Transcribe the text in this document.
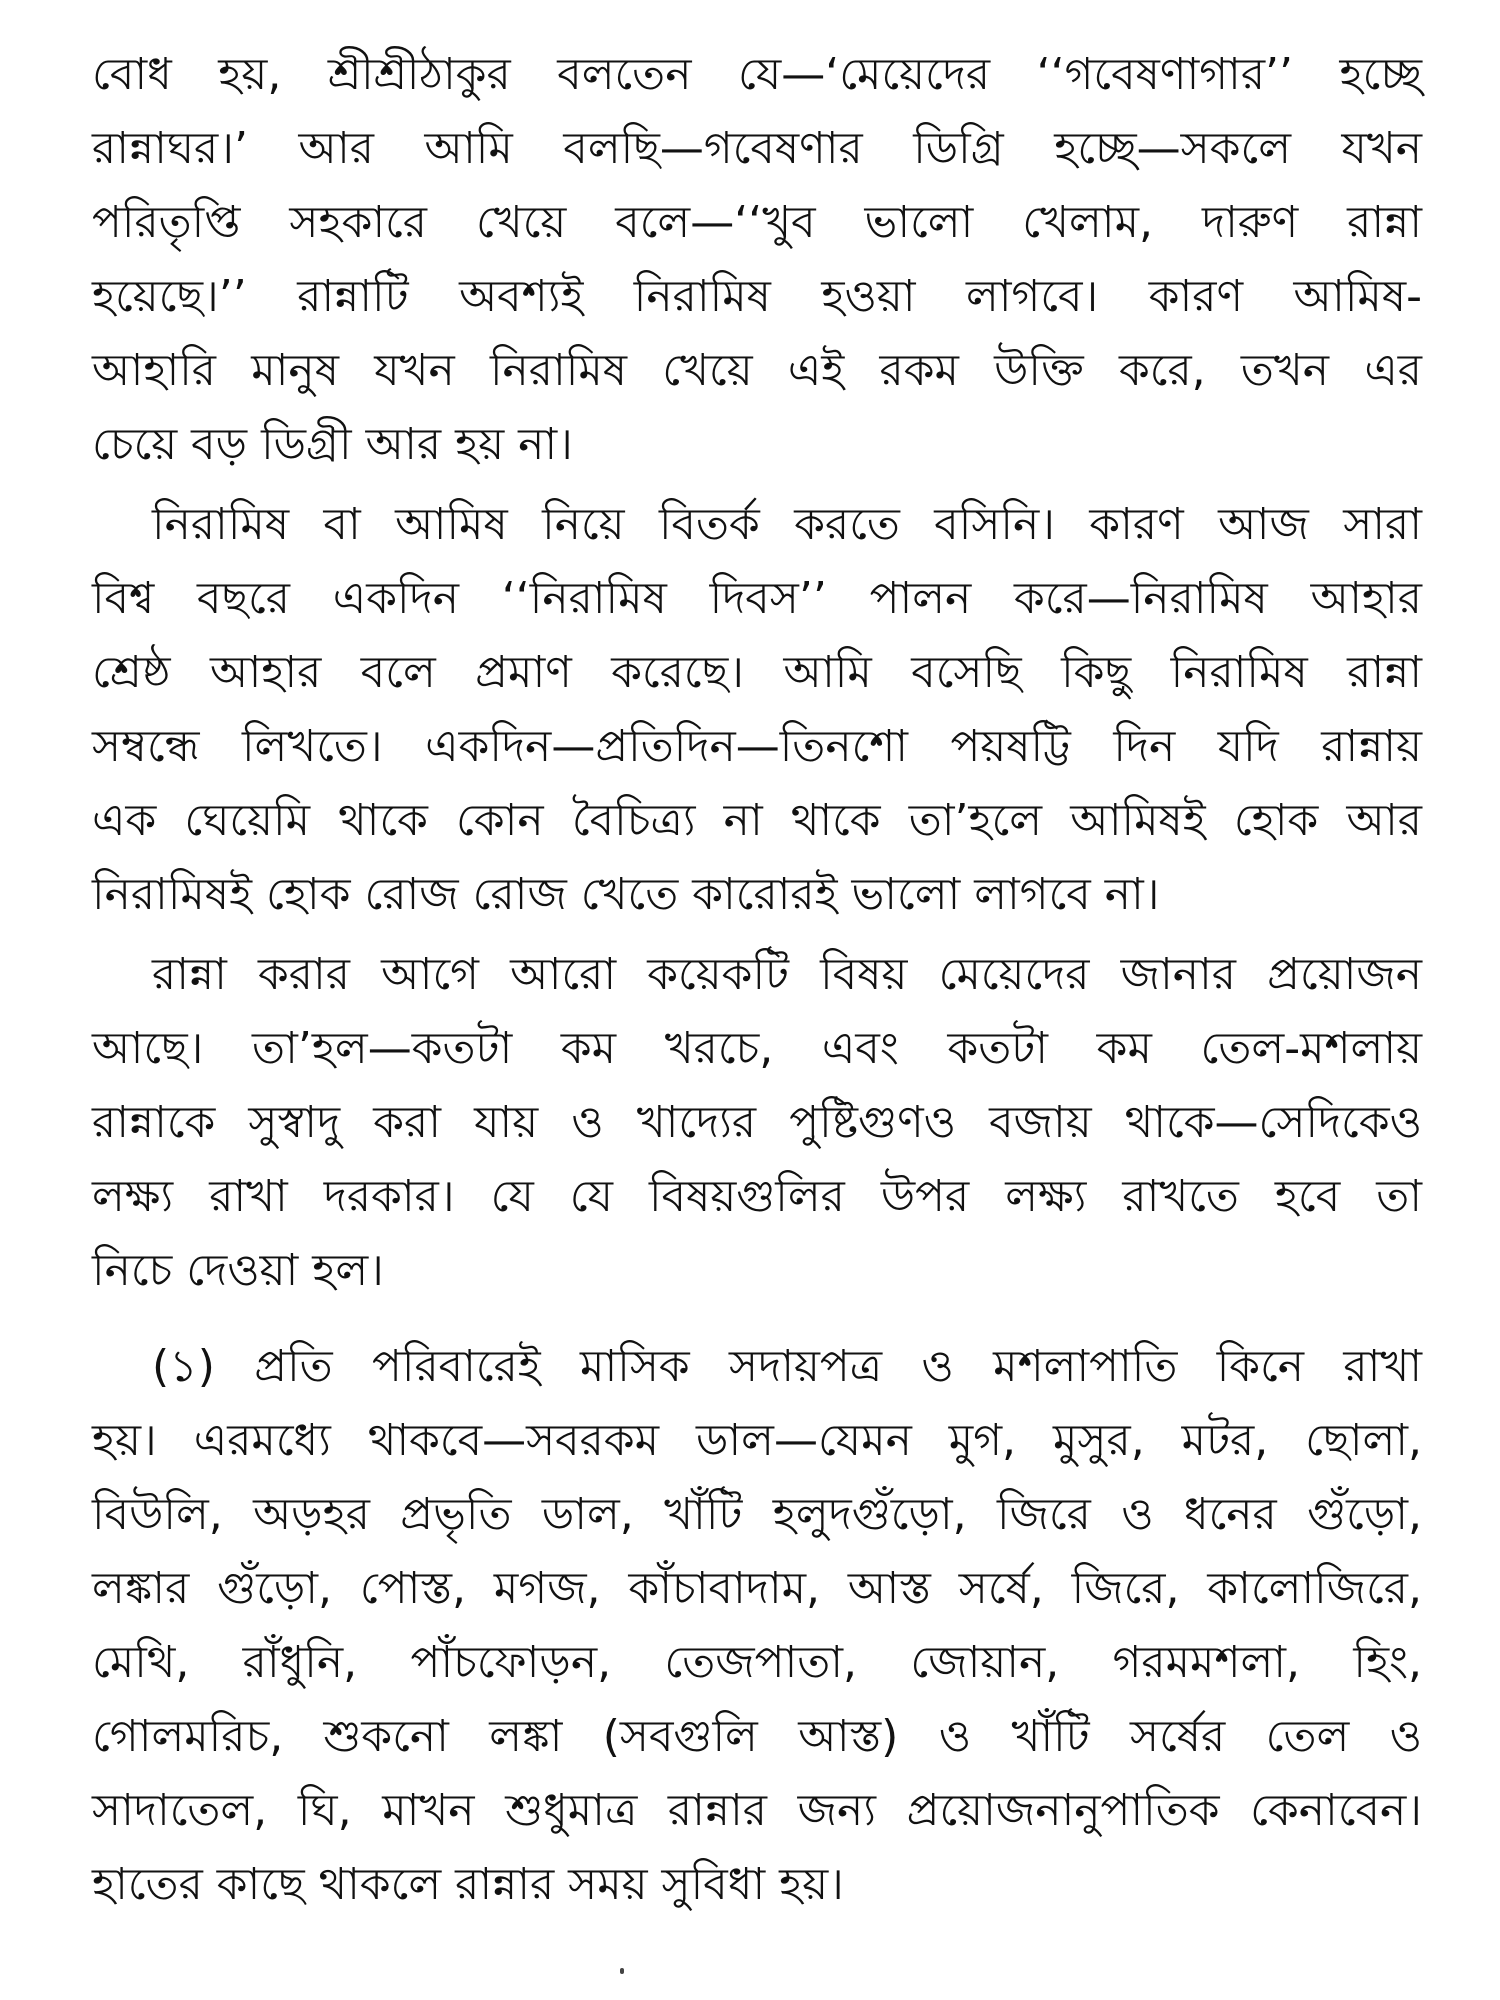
বোধ হয়, শ্রীশ্রীঠাকুর বলতেন যে—‘মেয়েদের ‘‘গবেষণাগার’’ হচ্ছে
রান্নাঘর।’ আর আমি বলছি—গবেষণার ডিগ্রি হচ্ছে—সকলে যখন
পরিতৃপ্তি সহকারে খেয়ে বলে—‘‘খুব ভালো খেলাম, দারুণ রান্না
হয়েছে।’’ রান্নাটি অবশ্যই নিরামিষ হওয়া লাগবে। কারণ আমিষ-
আহারি মানুষ যখন নিরামিষ খেয়ে এই রকম উক্তি করে, তখন এর
চেয়ে বড় ডিগ্রী আর হয় না।
নিরামিষ বা আমিষ নিয়ে বিতর্ক করতে বসিনি। কারণ আজ সারা
বিশ্ব বছরে একদিন ‘‘নিরামিষ দিবস’’ পালন করে—নিরামিষ আহার
শ্রেষ্ঠ আহার বলে প্রমাণ করেছে। আমি বসেছি কিছু নিরামিষ রান্না
সম্বন্ধে লিখতে। একদিন—প্রতিদিন—তিনশো পয়ষট্টি দিন যদি রান্নায়
এক ঘেয়েমি থাকে কোন বৈচিত্র্য না থাকে তা’হলে আমিষই হোক আর
নিরামিষই হোক রোজ রোজ খেতে কারোরই ভালো লাগবে না।
রান্না করার আগে আরো কয়েকটি বিষয় মেয়েদের জানার প্রয়োজন
আছে। তা’হল—কতটা কম খরচে, এবং কতটা কম তেল-মশলায়
রান্নাকে সুস্বাদু করা যায় ও খাদ্যের পুষ্টিগুণও বজায় থাকে—সেদিকেও
লক্ষ্য রাখা দরকার। যে যে বিষয়গুলির উপর লক্ষ্য রাখতে হবে তা
নিচে দেওয়া হল।
(১) প্রতি পরিবারেই মাসিক সদায়পত্র ও মশলাপাতি কিনে রাখা
হয়। এরমধ্যে থাকবে—সবরকম ডাল—যেমন মুগ, মুসুর, মটর, ছোলা,
বিউলি, অড়হর প্রভৃতি ডাল, খাঁটি হলুদগুঁড়ো, জিরে ও ধনের গুঁড়ো,
লঙ্কার গুঁড়ো, পোস্ত, মগজ, কাঁচাবাদাম, আস্ত সর্ষে, জিরে, কালোজিরে,
মেথি, রাঁধুনি, পাঁচফোড়ন, তেজপাতা, জোয়ান, গরমমশলা, হিং,
গোলমরিচ, শুকনো লঙ্কা (সবগুলি আস্ত) ও খাঁটি সর্ষের তেল ও
সাদাতেল, ঘি, মাখন শুধুমাত্র রান্নার জন্য প্রয়োজনানুপাতিক কেনাবেন।
হাতের কাছে থাকলে রান্নার সময় সুবিধা হয়।
